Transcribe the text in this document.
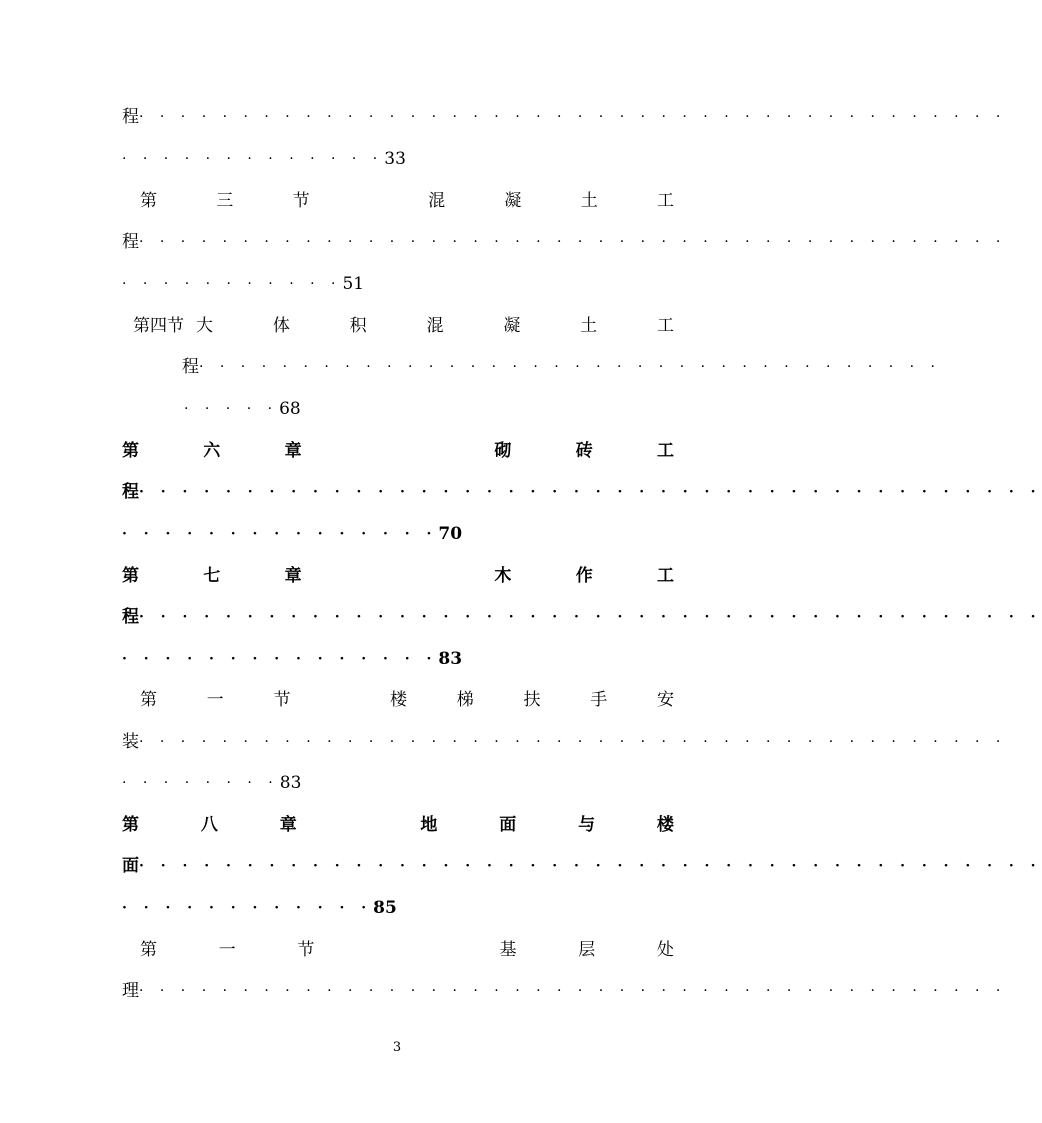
程 · · · · · · · · · · · · · · · · · · · · · · · · · · · · · · · · · · · · · · · · · ·
· · · · · · · · · · · · · 33
第	三	节	混	凝	土	工
程 · · · · · · · · · · · · · · · · · · · · · · · · · · · · · · · · · · · · · · · · · ·
· · · · · · · · · · · 51
第四节 大	体	积	混	凝	土	工
程 · · · · · · · · · · · · · · · · · · · · · · · · · · · · · · · · · · · ·
· · · · · 68
第	六	章	砌	砖	工
程 · · · · · · · · · · · · · · · · · · · · · · · · · · · · · · · · · · · · · · · · · ·
· · · · · · · · · · · · · · · 70
第	七	章	木	作	工
程 · · · · · · · · · · · · · · · · · · · · · · · · · · · · · · · · · · · · · · · · · ·
· · · · · · · · · · · · · · · 83
第	一	节	楼	梯	扶	手	安
装 · · · · · · · · · · · · · · · · · · · · · · · · · · · · · · · · · · · · · · · · · ·
· · · · · · · · 83
第	八	章	地	面	与	楼
面 · · · · · · · · · · · · · · · · · · · · · · · · · · · · · · · · · · · · · · · · · ·
· · · · · · · · · · · · 85
第	一	节	基	层	处
理 · · · · · · · · · · · · · · · · · · · · · · · · · · · · · · · · · · · · · · · · · ·
3
